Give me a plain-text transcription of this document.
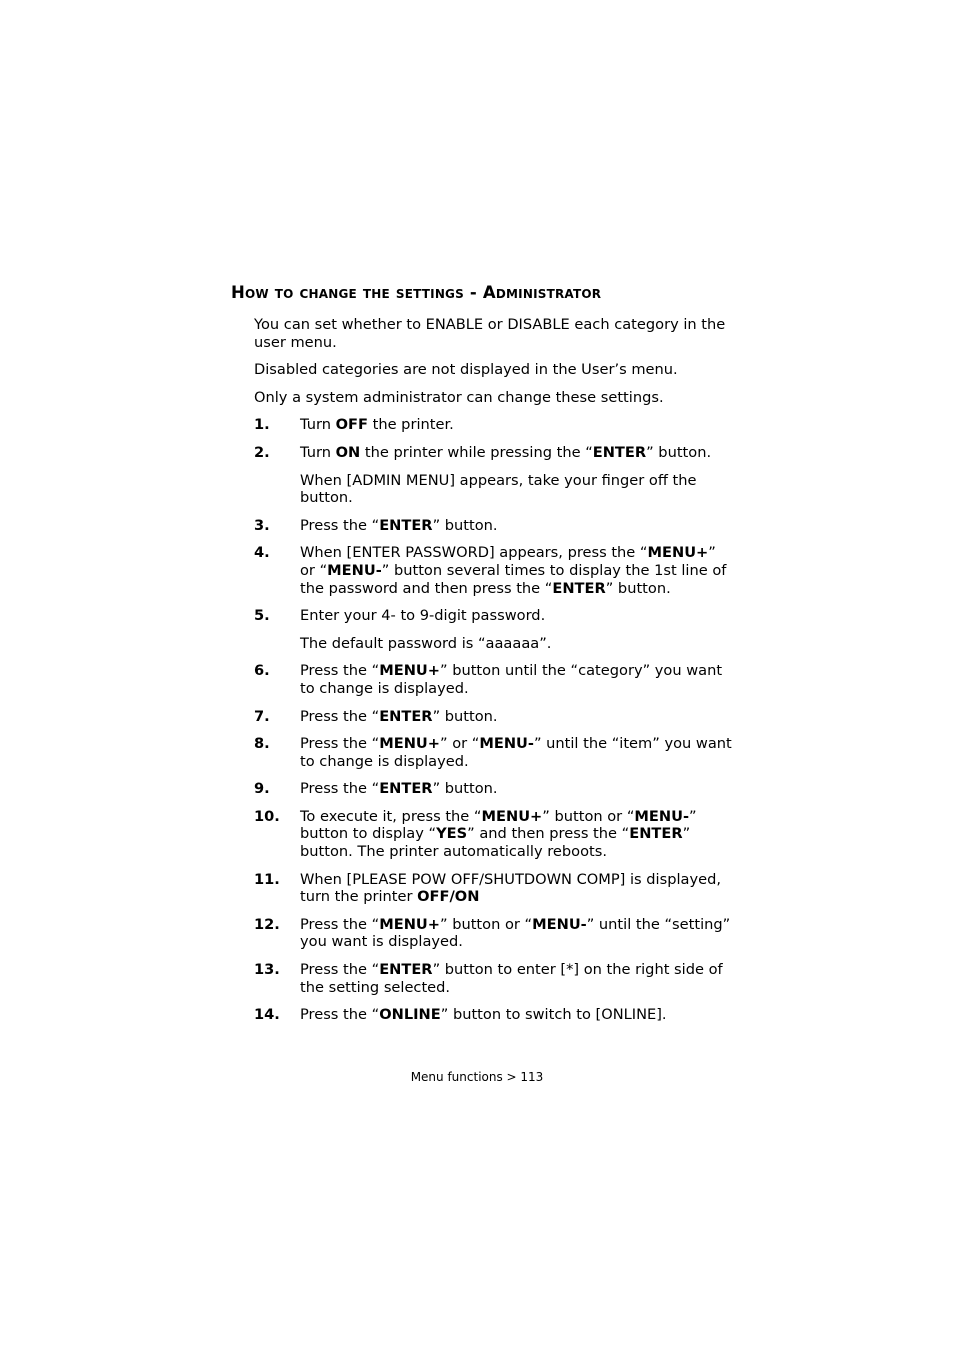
How to change the settings - Administrator

You can set whether to ENABLE or DISABLE each category in the user menu.

Disabled categories are not displayed in the User’s menu.

Only a system administrator can change these settings.

1.	Turn OFF the printer.
2.	Turn ON the printer while pressing the “ENTER” button.

When [ADMIN MENU] appears, take your finger off the button.

3.	Press the “ENTER” button.
4.	When [ENTER PASSWORD] appears, press the “MENU+” or “MENU-” button several times to display the 1st line of the password and then press the “ENTER” button.
5.	Enter your 4- to 9-digit password.

The default password is “aaaaaa”.

6.	Press the “MENU+” button until the “category” you want to change is displayed.
7.	Press the “ENTER” button.
8.	Press the “MENU+” or “MENU-” until the “item” you want to change is displayed.
9.	Press the “ENTER” button.
10.	To execute it, press the “MENU+” button or “MENU-” button to display “YES” and then press the “ENTER” button. The printer automatically reboots.
11.	When [PLEASE POW OFF/SHUTDOWN COMP] is displayed, turn the printer OFF/ON
12.	Press the “MENU+” button or “MENU-” until the “setting” you want is displayed.
13.	Press the “ENTER” button to enter [*] on the right side of the setting selected.
14.	Press the “ONLINE” button to switch to [ONLINE].
Menu functions > 113
